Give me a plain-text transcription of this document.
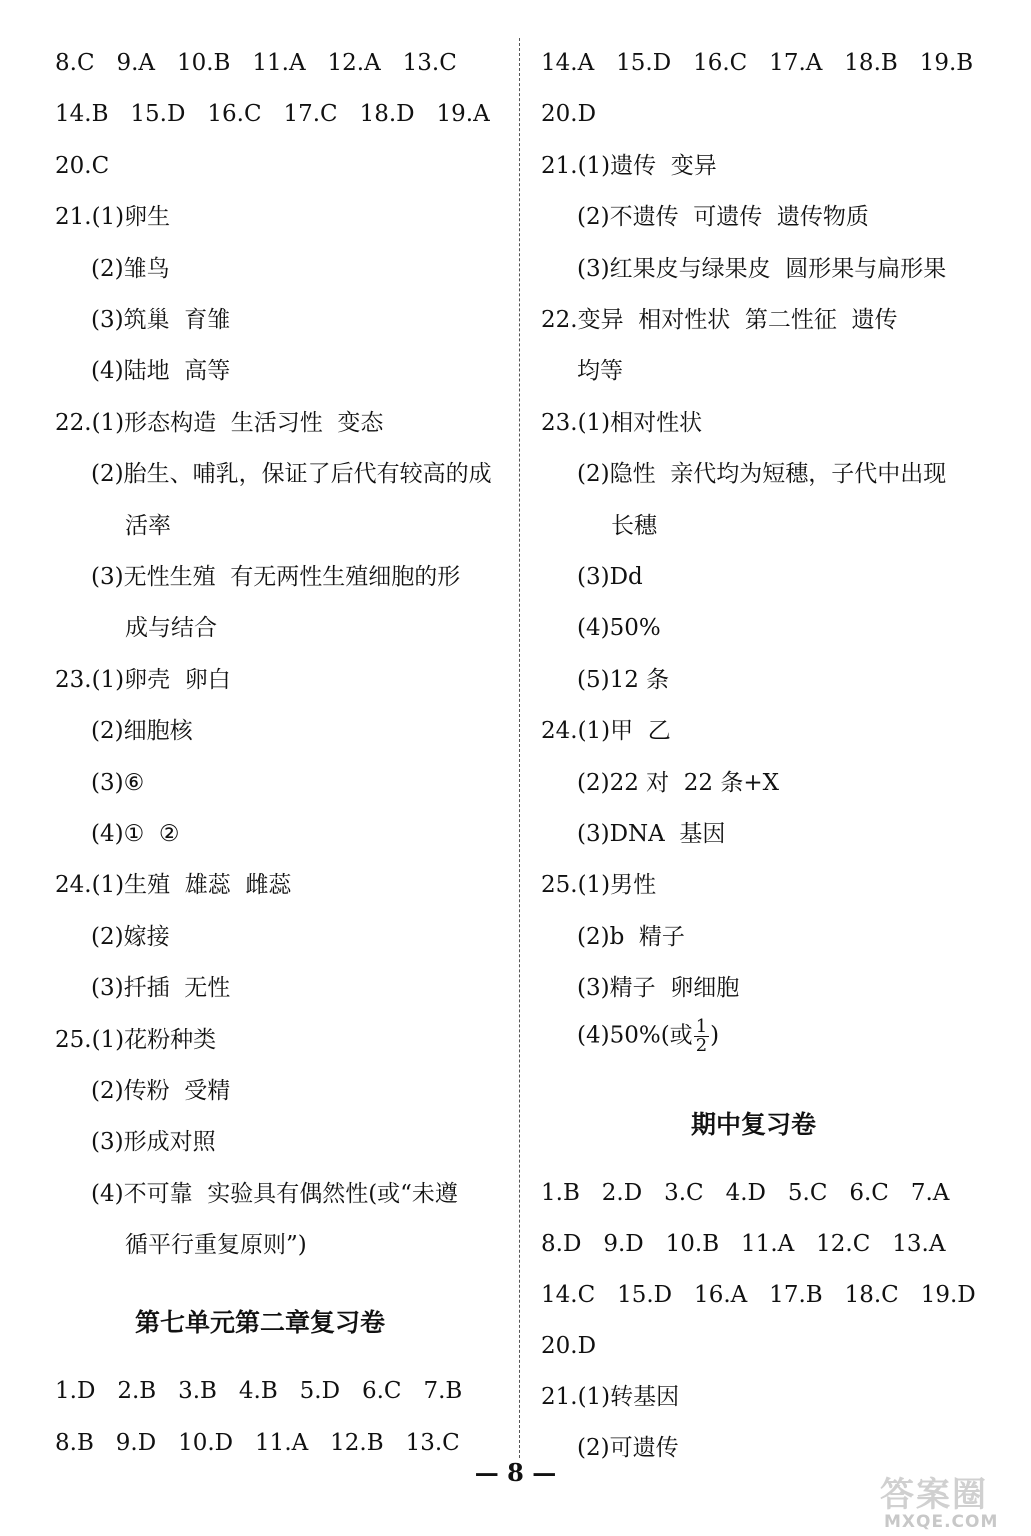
8.C   9.A   10.B   11.A   12.A   13.C
14.B   15.D   16.C   17.C   18.D   19.A
20.C
21.(1)卵生
(2)雏鸟
(3)筑巢  育雏
(4)陆地  高等
22.(1)形态构造  生活习性  变态
(2)胎生、哺乳，保证了后代有较高的成
活率
(3)无性生殖  有无两性生殖细胞的形
成与结合
23.(1)卵壳  卵白
(2)细胞核
(3)⑥
(4)①  ②
24.(1)生殖  雄蕊  雌蕊
(2)嫁接
(3)扦插  无性
25.(1)花粉种类
(2)传粉  受精
(3)形成对照
(4)不可靠  实验具有偶然性(或“未遵
循平行重复原则”)
第七单元第二章复习卷
1.D   2.B   3.B   4.B   5.D   6.C   7.B
8.B   9.D   10.D   11.A   12.B   13.C
14.A   15.D   16.C   17.A   18.B   19.B
20.D
21.(1)遗传  变异
(2)不遗传  可遗传  遗传物质
(3)红果皮与绿果皮  圆形果与扁形果
22.变异  相对性状  第二性征  遗传
均等
23.(1)相对性状
(2)隐性  亲代均为短穗，子代中出现
长穗
(3)Dd
(4)50%
(5)12 条
24.(1)甲  乙
(2)22 对  22 条+X
(3)DNA  基因
25.(1)男性
(2)b  精子
(3)精子  卵细胞
(4)50%(或 $\frac{1}{2}$ )
期中复习卷
1.B   2.D   3.C   4.D   5.C   6.C   7.A
8.D   9.D   10.B   11.A   12.C   13.A
14.C   15.D   16.A   17.B   18.C   19.D
20.D
21.(1)转基因
(2)可遗传
— 8 —
答案圈
MXQE.COM
